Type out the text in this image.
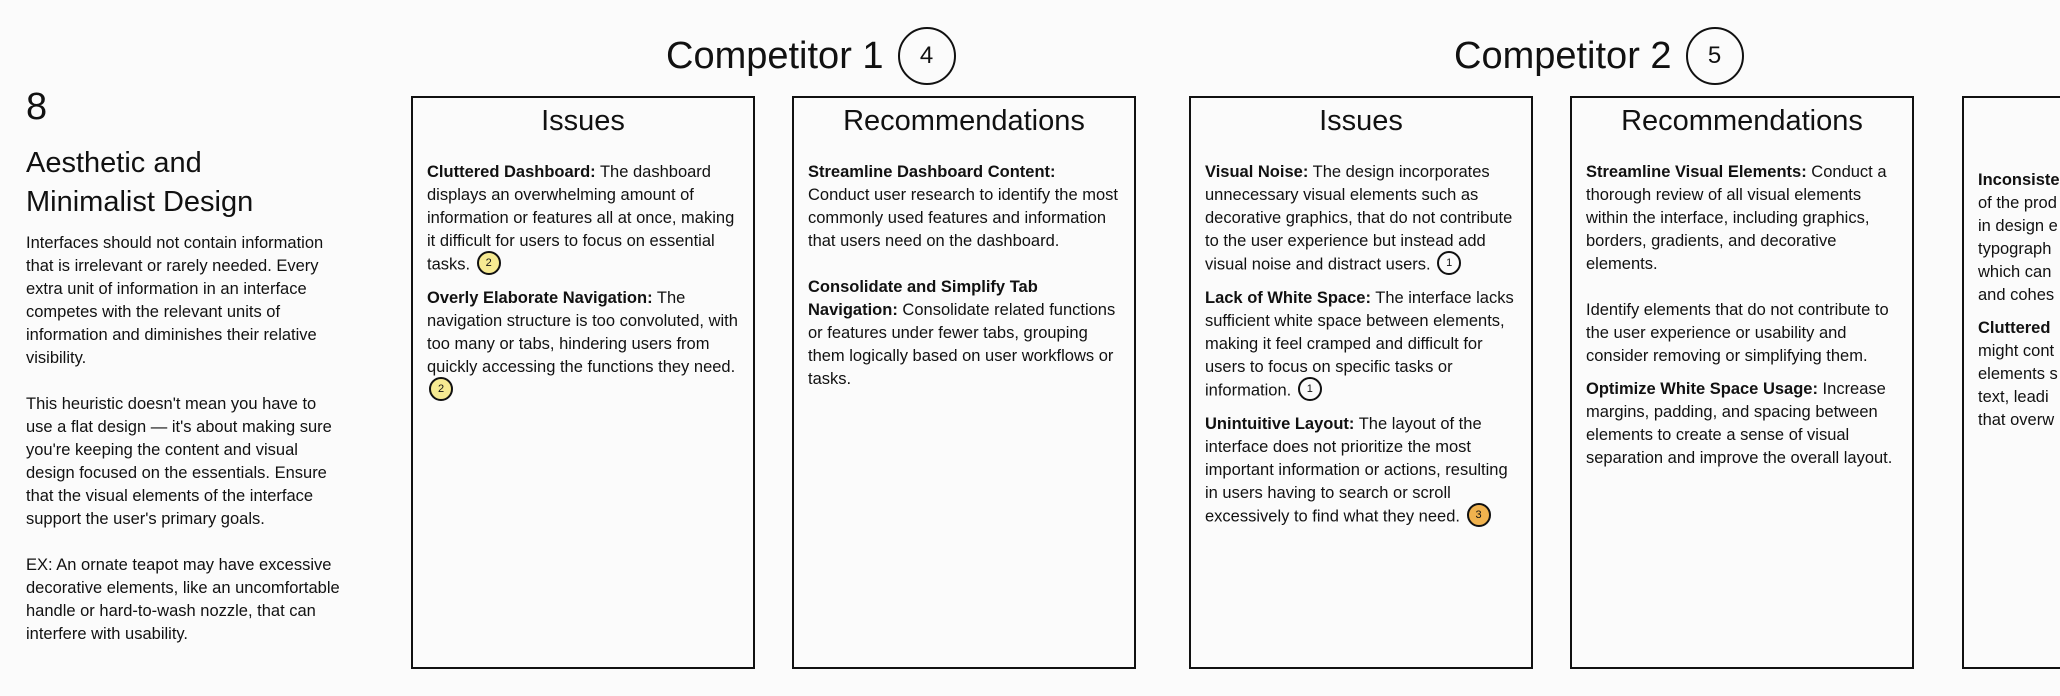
8
Aesthetic and Minimalist Design

Interfaces should not contain information that is irrelevant or rarely needed. Every extra unit of information in an interface competes with the relevant units of information and diminishes their relative visibility.

This heuristic doesn't mean you have to use a flat design — it's about making sure you're keeping the content and visual design focused on the essentials. Ensure that the visual elements of the interface support the user's primary goals.

EX: An ornate teapot may have excessive decorative elements, like an uncomfortable handle or hard-to-wash nozzle, that can interfere with usability.

Competitor 1	4
Issues
Cluttered Dashboard: The dashboard displays an overwhelming amount of information or features all at once, making it difficult for users to focus on essential tasks. 2
Overly Elaborate Navigation: The navigation structure is too convoluted, with too many or tabs, hindering users from quickly accessing the functions they need. 2
Recommendations
Streamline Dashboard Content: Conduct user research to identify the most commonly used features and information that users need on the dashboard.
Consolidate and Simplify Tab Navigation: Consolidate related functions or features under fewer tabs, grouping them logically based on user workflows or tasks.
Competitor 2	5
Issues
Visual Noise: The design incorporates unnecessary visual elements such as decorative graphics, that do not contribute to the user experience but instead add visual noise and distract users. 1
Lack of White Space: The interface lacks sufficient white space between elements, making it feel cramped and difficult for users to focus on specific tasks or information. 1
Unintuitive Layout: The layout of the interface does not prioritize the most important information or actions, resulting in users having to search or scroll excessively to find what they need. 3
Recommendations
Streamline Visual Elements: Conduct a thorough review of all visual elements within the interface, including graphics, borders, gradients, and decorative elements.
Identify elements that do not contribute to the user experience or usability and consider removing or simplifying them.
Optimize White Space Usage: Increase margins, padding, and spacing between elements to create a sense of visual separation and improve the overall layout.
Inconsiste
of the prod
in design e
typograph
which can
and cohes
Cluttered
might cont
elements s
text, leadi
that overw
